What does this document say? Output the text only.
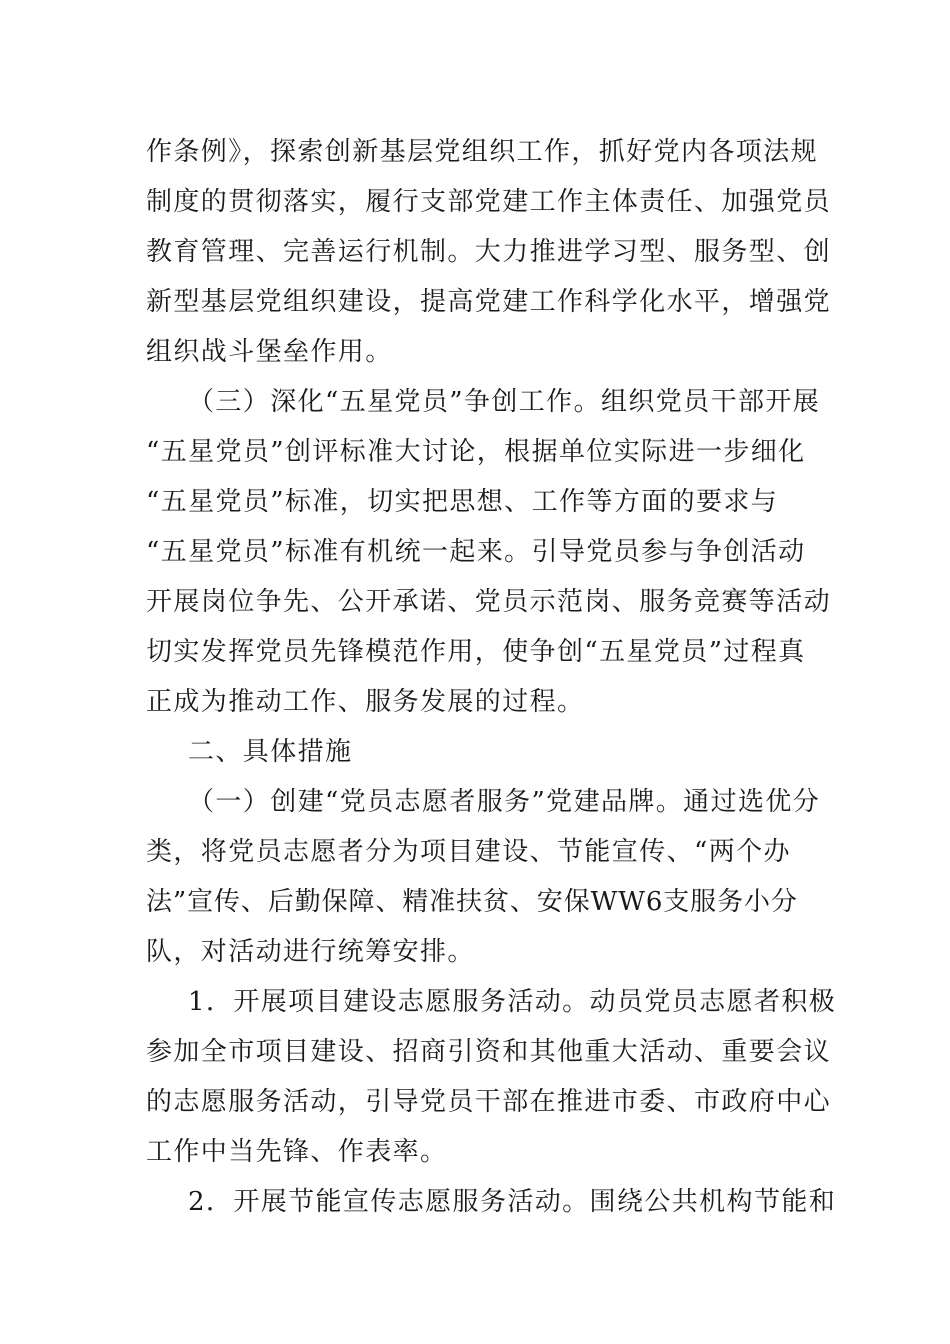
作条例》，探索创新基层党组织工作，抓好党内各项法规

制度的贯彻落实，履行支部党建工作主体责任、加强党员

教育管理、完善运行机制。大力推进学习型、服务型、创

新型基层党组织建设，提高党建工作科学化水平，增强党

组织战斗堡垒作用。

（三）深化“五星党员”争创工作。组织党员干部开展

“五星党员”创评标准大讨论，根据单位实际进一步细化

“五星党员”标准，切实把思想、工作等方面的要求与

“五星党员”标准有机统一起来。引导党员参与争创活动

开展岗位争先、公开承诺、党员示范岗、服务竞赛等活动

切实发挥党员先锋模范作用，使争创“五星党员”过程真

正成为推动工作、服务发展的过程。

二、具体措施

（一）创建“党员志愿者服务”党建品牌。通过选优分

类，将党员志愿者分为项目建设、节能宣传、“两个办

法”宣传、后勤保障、精准扶贫、安保WW6支服务小分

队，对活动进行统筹安排。

1．开展项目建设志愿服务活动。动员党员志愿者积极

参加全市项目建设、招商引资和其他重大活动、重要会议

的志愿服务活动，引导党员干部在推进市委、市政府中心

工作中当先锋、作表率。

2．开展节能宣传志愿服务活动。围绕公共机构节能和
